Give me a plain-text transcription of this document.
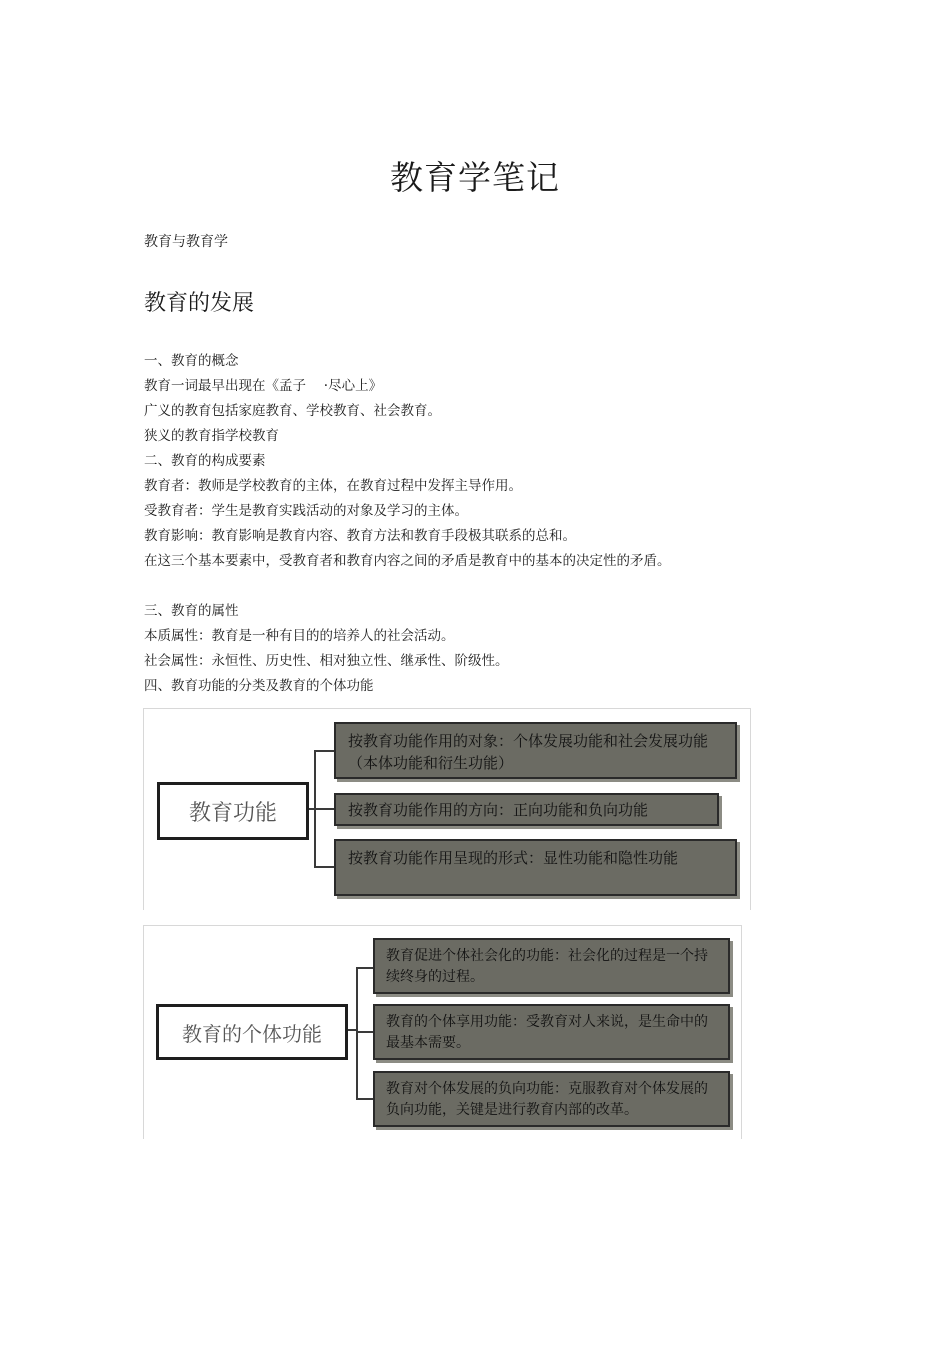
教育学笔记

教育与教育学

教育的发展

一、教育的概念

教育一词最早出现在《孟子　 ·尽心上》

广义的教育包括家庭教育、学校教育、社会教育。

狭义的教育指学校教育

二、教育的构成要素

教育者：教师是学校教育的主体，在教育过程中发挥主导作用。

受教育者：学生是教育实践活动的对象及学习的主体。

教育影响：教育影响是教育内容、教育方法和教育手段极其联系的总和。

在这三个基本要素中，受教育者和教育内容之间的矛盾是教育中的基本的决定性的矛盾。

三、教育的属性

本质属性：教育是一种有目的的培养人的社会活动。

社会属性：永恒性、历史性、相对独立性、继承性、阶级性。

四、教育功能的分类及教育的个体功能

教育功能
按教育功能作用的对象：个体发展功能和社会发展功能（本体功能和衍生功能）
按教育功能作用的方向：正向功能和负向功能
按教育功能作用呈现的形式：显性功能和隐性功能
教育的个体功能
教育促进个体社会化的功能：社会化的过程是一个持续终身的过程。
教育的个体享用功能：受教育对人来说，是生命中的最基本需要。
教育对个体发展的负向功能：克服教育对个体发展的负向功能，关键是进行教育内部的改革。
